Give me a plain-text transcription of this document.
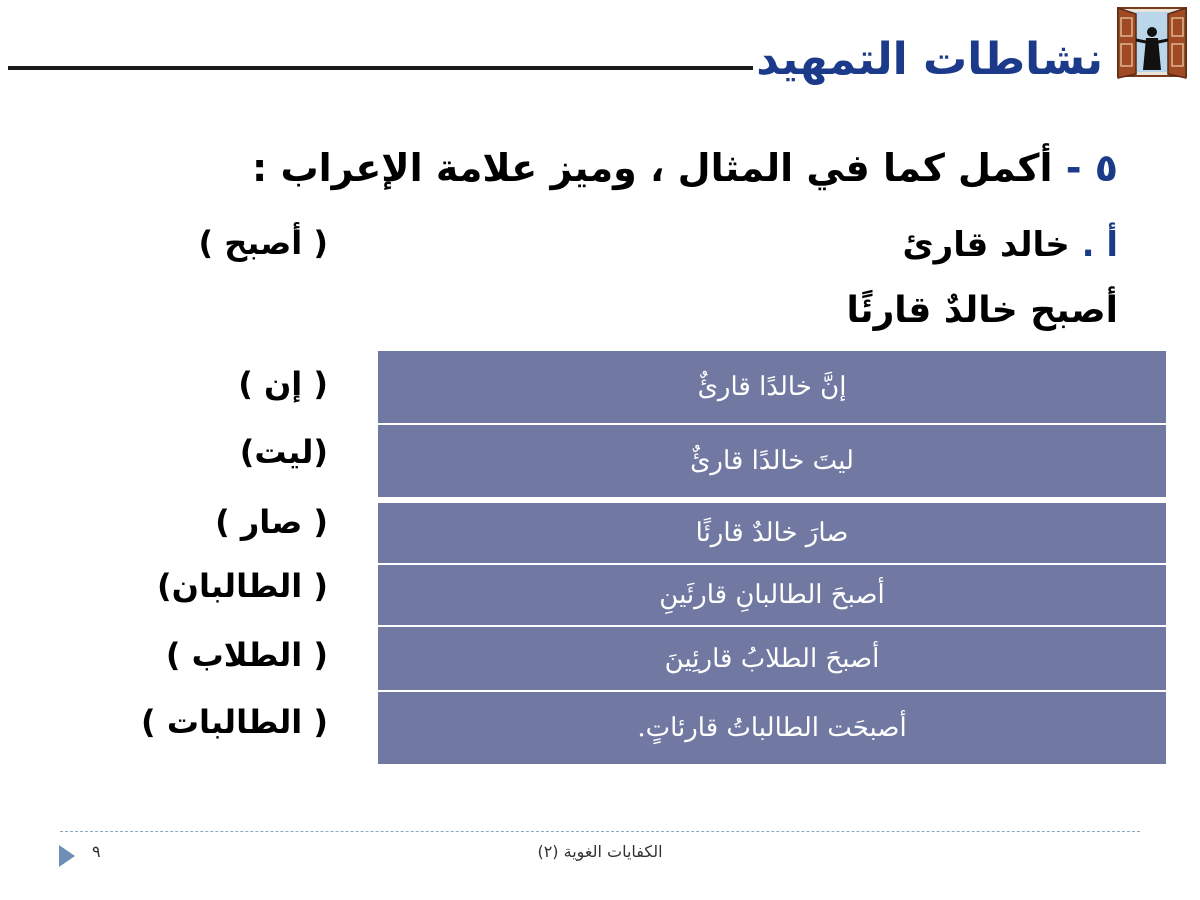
نشاطات التمهيد
٥ - أكمل كما في المثال ، وميز علامة الإعراب :
أ . خالد قارئ
أصبح خالدٌ قارئًا
( أصبح )
( إن )
(ليت)
( صار )
( الطالبان)
( الطلاب )
( الطالبات )
إنَّ خالدًا قارئٌ
ليتَ خالدًا قارئٌ
صارَ خالدٌ قارئًا
أصبحَ الطالبانِ قارئَينِ
أصبحَ الطلابُ قارئِينَ
أصبحَت الطالباتُ قارئاتٍ.
٩	الكفايات الغوية (٢)
